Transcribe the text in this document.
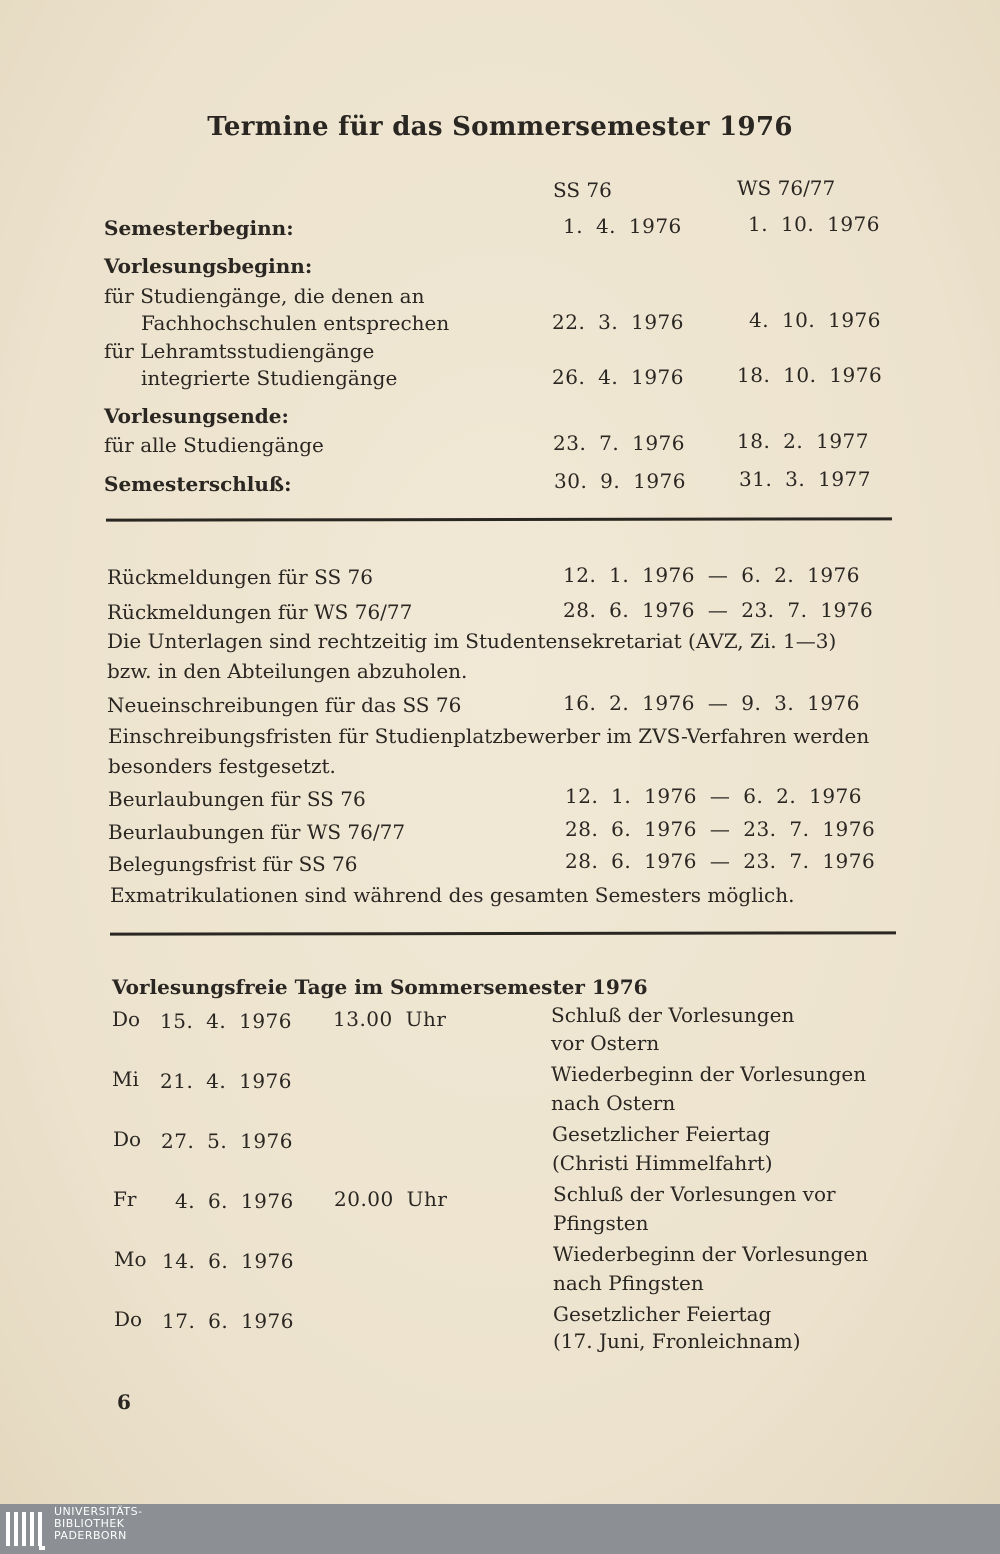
Termine für das Sommersemester 1976
SS 76	WS 76/77
Semesterbeginn:	1. 4. 1976	1. 10. 1976
Vorlesungsbeginn:
für Studiengänge, die denen an
Fachhochschulen entsprechen	22. 3. 1976	4. 10. 1976
für Lehramtsstudiengänge
integrierte Studiengänge	26. 4. 1976	18. 10. 1976
Vorlesungsende:
für alle Studiengänge	23. 7. 1976	18. 2. 1977
Semesterschluß:	30. 9. 1976	31. 3. 1977
Rückmeldungen für SS 76	12. 1. 1976 — 6. 2. 1976
Rückmeldungen für WS 76/77	28. 6. 1976 — 23. 7. 1976
Die Unterlagen sind rechtzeitig im Studentensekretariat (AVZ, Zi. 1—3)
bzw. in den Abteilungen abzuholen.
Neueinschreibungen für das SS 76	16. 2. 1976 — 9. 3. 1976
Einschreibungsfristen für Studienplatzbewerber im ZVS-Verfahren werden
besonders festgesetzt.
Beurlaubungen für SS 76	12. 1. 1976 — 6. 2. 1976
Beurlaubungen für WS 76/77	28. 6. 1976 — 23. 7. 1976
Belegungsfrist für SS 76	28. 6. 1976 — 23. 7. 1976
Exmatrikulationen sind während des gesamten Semesters möglich.
Vorlesungsfreie Tage im Sommersemester 1976
Do 15. 4. 1976 13.00 Uhr	Schluß der Vorlesungen
vor Ostern
Mi 21. 4. 1976	Wiederbeginn der Vorlesungen
nach Ostern
Do 27. 5. 1976	Gesetzlicher Feiertag
(Christi Himmelfahrt)
Fr 4. 6. 1976 20.00 Uhr	Schluß der Vorlesungen vor
Pfingsten
Mo 14. 6. 1976	Wiederbeginn der Vorlesungen
nach Pfingsten
Do 17. 6. 1976	Gesetzlicher Feiertag
(17. Juni, Fronleichnam)
6
UNIVERSITÄTS-
BIBLIOTHEK
PADERBORN
